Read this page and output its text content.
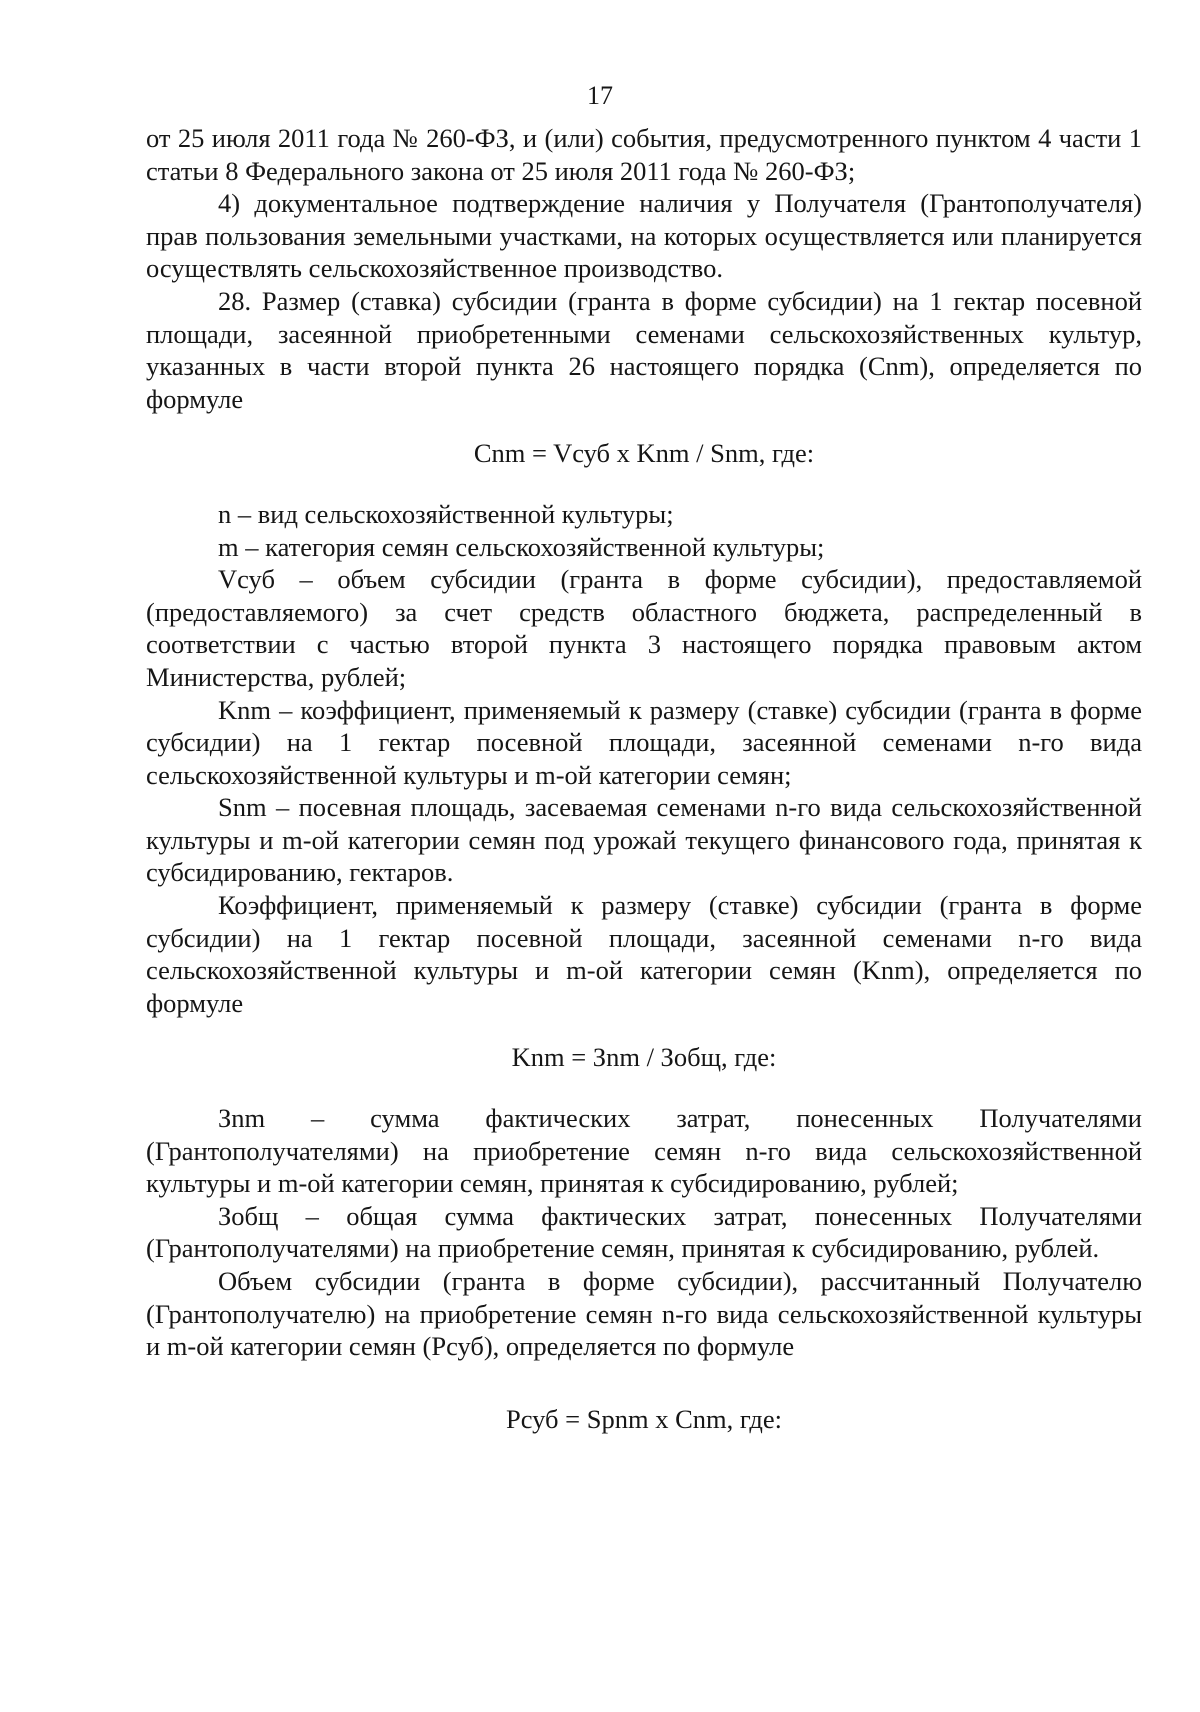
17

от 25 июля 2011 года № 260-ФЗ, и (или) события, предусмотренного пунктом 4 части 1 статьи 8 Федерального закона от 25 июля 2011 года № 260-ФЗ;

4) документальное подтверждение наличия у Получателя (Грантополучателя) прав пользования земельными участками, на которых осуществляется или планируется осуществлять сельскохозяйственное производство.

28. Размер (ставка) субсидии (гранта в форме субсидии) на 1 гектар посевной площади, засеянной приобретенными семенами сельскохозяйственных культур, указанных в части второй пункта 26 настоящего порядка (Cnm), определяется по формуле

Cnm = Vсуб x Knm / Snm, где:

n – вид сельскохозяйственной культуры;

m – категория семян сельскохозяйственной культуры;

Vсуб – объем субсидии (гранта в форме субсидии), предоставляемой (предоставляемого) за счет средств областного бюджета, распределенный в соответствии с частью второй пункта 3 настоящего порядка правовым актом Министерства, рублей;

Knm – коэффициент, применяемый к размеру (ставке) субсидии (гранта в форме субсидии) на 1 гектар посевной площади, засеянной семенами n-го вида сельскохозяйственной культуры и m-ой категории семян;

Snm – посевная площадь, засеваемая семенами n-го вида сельскохозяйственной культуры и m-ой категории семян под урожай текущего финансового года, принятая к субсидированию, гектаров.

Коэффициент, применяемый к размеру (ставке) субсидии (гранта в форме субсидии) на 1 гектар посевной площади, засеянной семенами n-го вида сельскохозяйственной культуры и m-ой категории семян (Knm), определяется по формуле

Knm = Зnm / Зобщ, где:

Зnm – сумма фактических затрат, понесенных Получателями (Грантополучателями) на приобретение семян n-го вида сельскохозяйственной культуры и m-ой категории семян, принятая к субсидированию, рублей;

Зобщ – общая сумма фактических затрат, понесенных Получателями (Грантополучателями) на приобретение семян, принятая к субсидированию, рублей.

Объем субсидии (гранта в форме субсидии), рассчитанный Получателю (Грантополучателю) на приобретение семян n-го вида сельскохозяйственной культуры и m-ой категории семян (Pсуб), определяется по формуле

Pсуб = Spnm x Cnm, где:
